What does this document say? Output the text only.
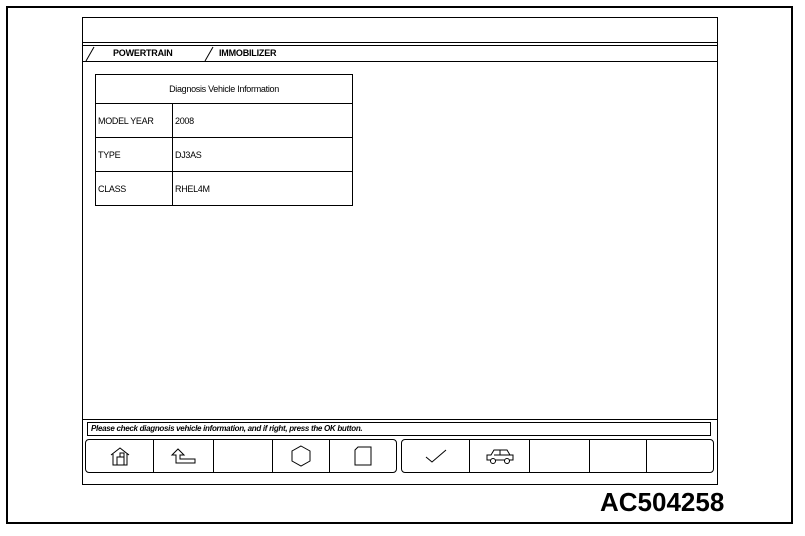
POWERTRAIN	IMMOBILIZER
Diagnosis Vehicle Information	
MODEL YEAR	2008
TYPE	DJ3AS
CLASS	RHEL4M
Please check diagnosis vehicle information, and if right, press the OK button.
AC504258
